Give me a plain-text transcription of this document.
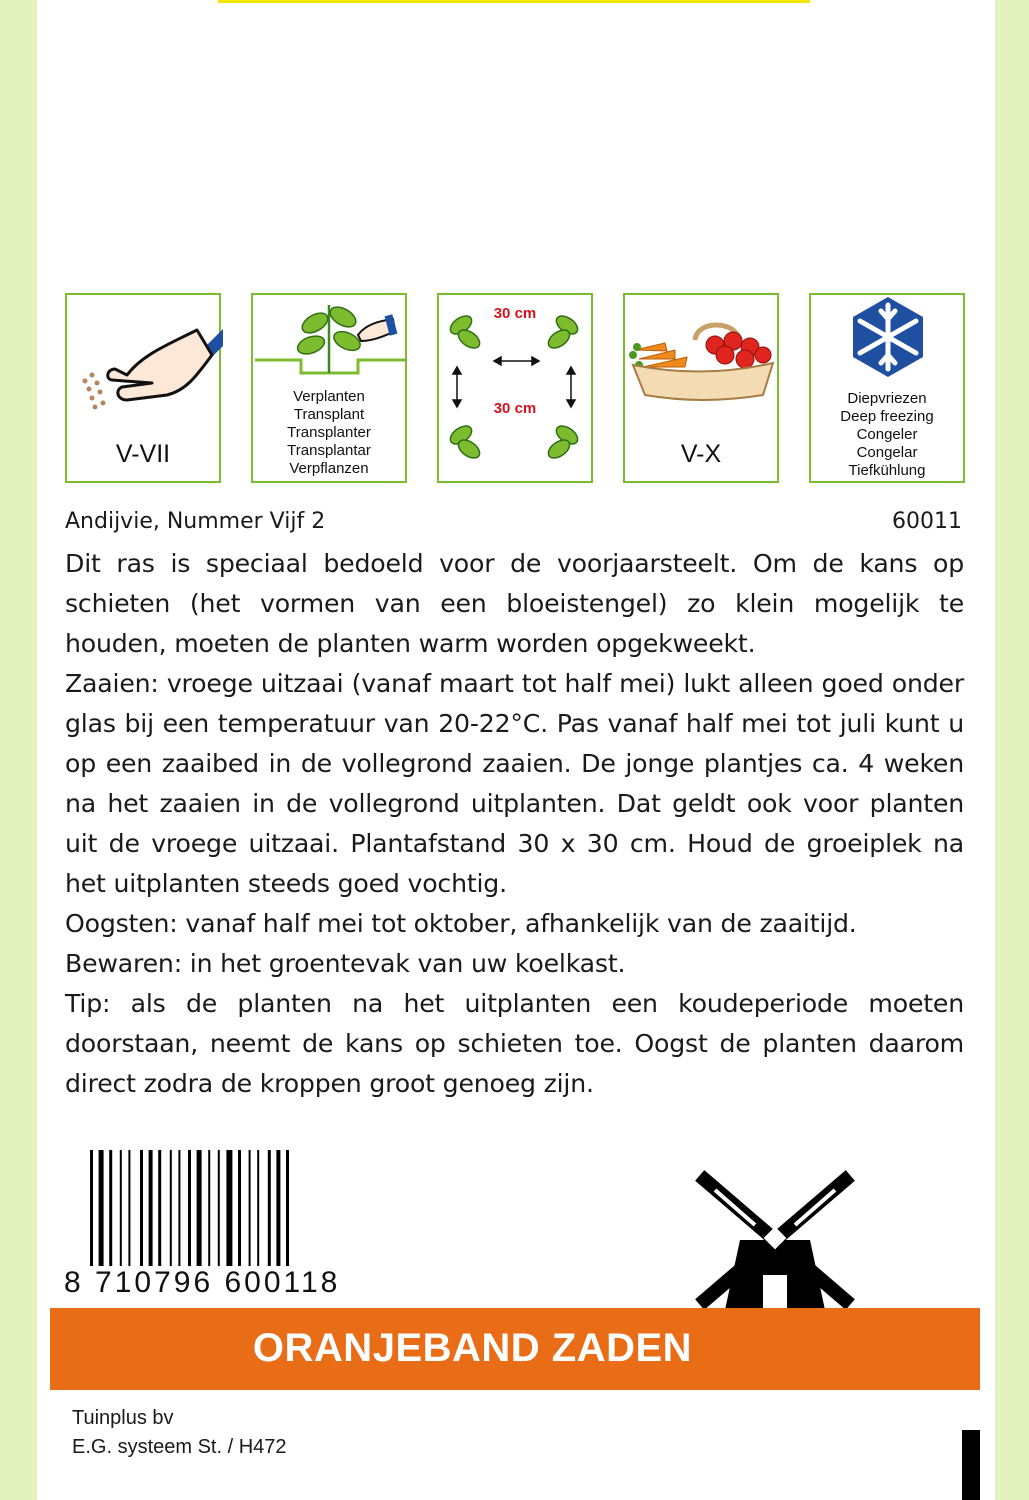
V-VII
Verplanten
Transplant
Transplanter
Transplantar
Verpflanzen
30 cm
30 cm
V-X
Diepvriezen
Deep freezing
Congeler
Congelar
Tiefkühlung
Andijvie, Nummer Vijf 2	60011

Dit ras is speciaal bedoeld voor de voorjaarsteelt. Om de kans op schieten (het vormen van een bloeistengel) zo klein mogelijk te houden, moeten de planten warm worden opgekweekt.

Zaaien: vroege uitzaai (vanaf maart tot half mei) lukt alleen goed onder glas bij een temperatuur van 20-22°C. Pas vanaf half mei tot juli kunt u op een zaaibed in de vollegrond zaaien. De jonge plantjes ca. 4 weken na het zaaien in de vollegrond uitplanten. Dat geldt ook voor planten uit de vroege uitzaai. Plantafstand 30 x 30 cm. Houd de groeiplek na het uitplanten steeds goed vochtig.

Oogsten: vanaf half mei tot oktober, afhankelijk van de zaaitijd.

Bewaren: in het groentevak van uw koelkast.

Tip: als de planten na het uitplanten een koudeperiode moeten doorstaan, neemt de kans op schieten toe. Oogst de planten daarom direct zodra de kroppen groot genoeg zijn.

8 710796 600118
ORANJEBAND ZADEN
Tuinplus bv
E.G. systeem St. / H472
